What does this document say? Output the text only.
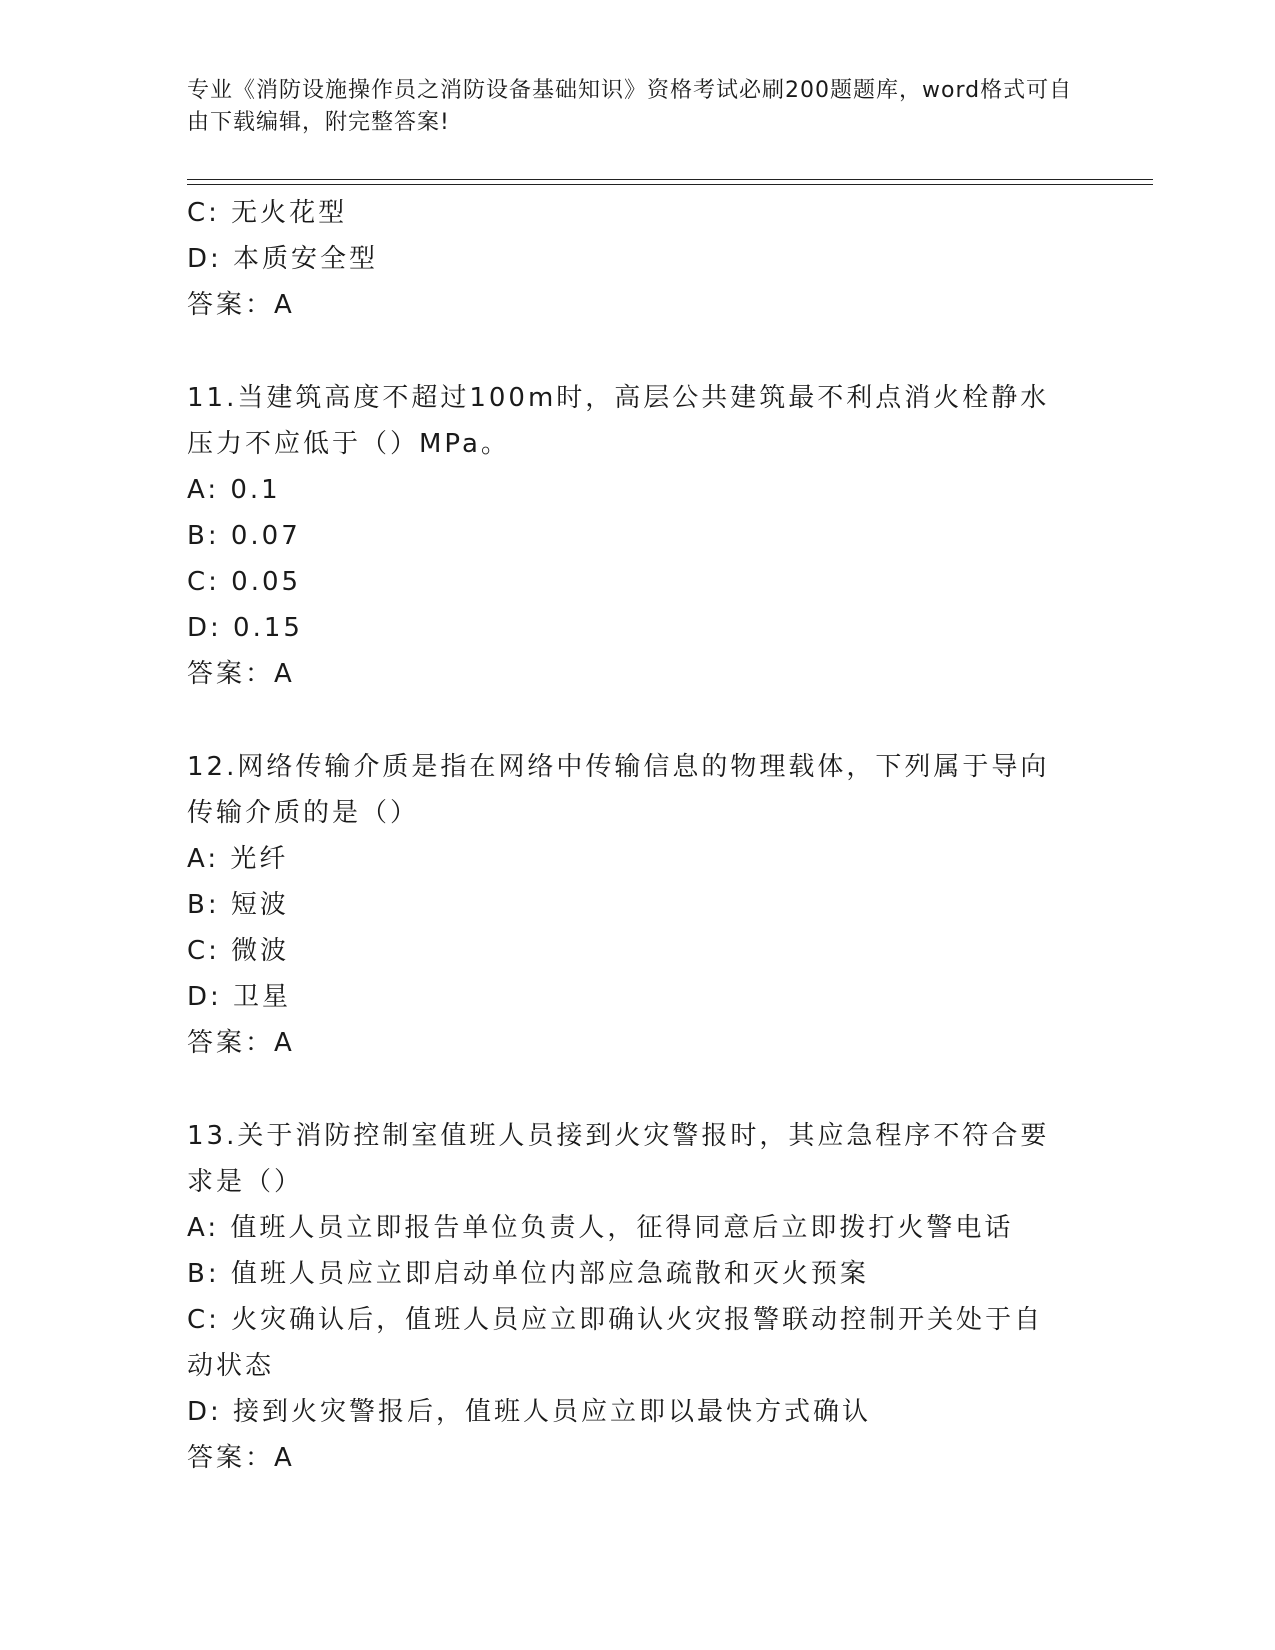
专业《消防设施操作员之消防设备基础知识》资格考试必刷200题题库，word格式可自由下载编辑，附完整答案!
C: 无火花型
D: 本质安全型
答案：A
11.当建筑高度不超过100m时，高层公共建筑最不利点消火栓静水压力不应低于（）MPa。
A: 0.1
B: 0.07
C: 0.05
D: 0.15
答案：A
12.网络传输介质是指在网络中传输信息的物理载体，下列属于导向传输介质的是（）
A: 光纤
B: 短波
C: 微波
D: 卫星
答案：A
13.关于消防控制室值班人员接到火灾警报时，其应急程序不符合要求是（）
A: 值班人员立即报告单位负责人，征得同意后立即拨打火警电话
B: 值班人员应立即启动单位内部应急疏散和灭火预案
C: 火灾确认后，值班人员应立即确认火灾报警联动控制开关处于自动状态
D: 接到火灾警报后，值班人员应立即以最快方式确认
答案：A
